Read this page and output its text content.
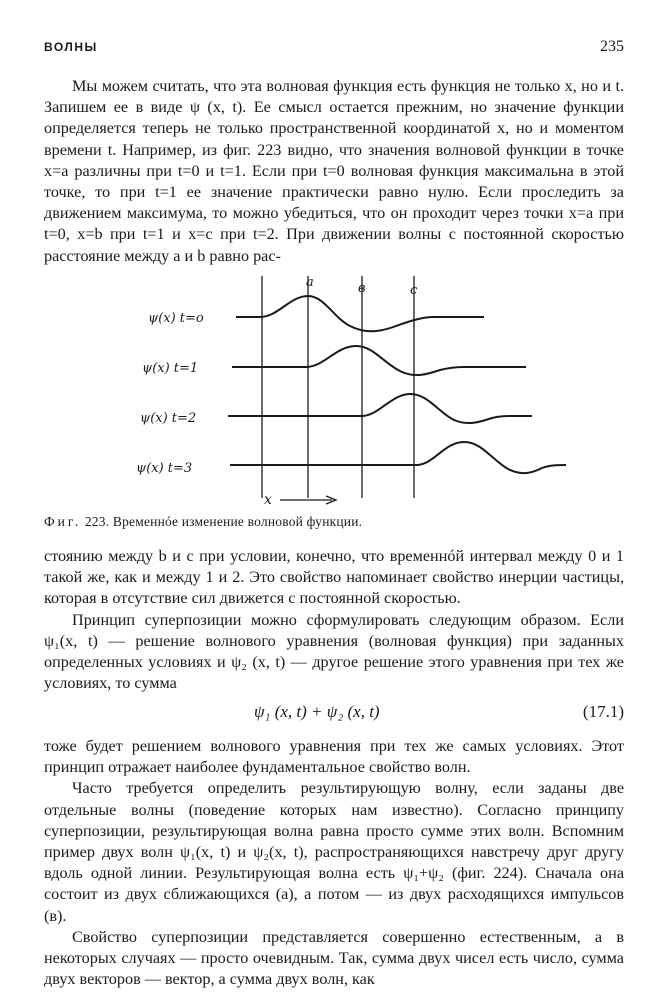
ВОЛНЫ	235

Мы можем считать, что эта волновая функция есть функция не только x, но и t. Запишем ее в виде ψ (x, t). Ее смысл остается прежним, но значение функции определяется теперь не только пространственной координатой x, но и моментом времени t. Например, из фиг. 223 видно, что значения волновой функции в точке x=a различны при t=0 и t=1. Если при t=0 волновая функция максимальна в этой точке, то при t=1 ее значение практически равно нулю. Если проследить за движением максимума, то можно убедиться, что он проходит через точки x=a при t=0, x=b при t=1 и x=c при t=2. При движении волны с постоянной скоростью расстояние между a и b равно рас-

a	в	c
ψ(x) t=o
ψ(x) t=1
ψ(x) t=2
ψ(x) t=3
x
Фиг. 223. Временнóе изменение волновой функции.

стоянию между b и c при условии, конечно, что временнóй интервал между 0 и 1 такой же, как и между 1 и 2. Это свойство напоминает свойство инерции частицы, которая в отсутствие сил движется с постоянной скоростью.

Принцип суперпозиции можно сформулировать следующим образом. Если ψ₁(x, t) — решение волнового уравнения (волновая функция) при заданных определенных условиях и ψ₂ (x, t) — другое решение этого уравнения при тех же условиях, то сумма

ψ₁ (x, t) + ψ₂ (x, t)	(17.1)

тоже будет решением волнового уравнения при тех же самых условиях. Этот принцип отражает наиболее фундаментальное свойство волн.

Часто требуется определить результирующую волну, если заданы две отдельные волны (поведение которых нам известно). Согласно принципу суперпозиции, результирующая волна равна просто сумме этих волн. Вспомним пример двух волн ψ₁(x, t) и ψ₂(x, t), распространяющихся навстречу друг другу вдоль одной линии. Результирующая волна есть ψ₁+ψ₂ (фиг. 224). Сначала она состоит из двух сближающихся (a), а потом — из двух расходящихся импульсов (в).

Свойство суперпозиции представляется совершенно естественным, а в некоторых случаях — просто очевидным. Так, сумма двух чисел есть число, сумма двух векторов — вектор, а сумма двух волн, как
